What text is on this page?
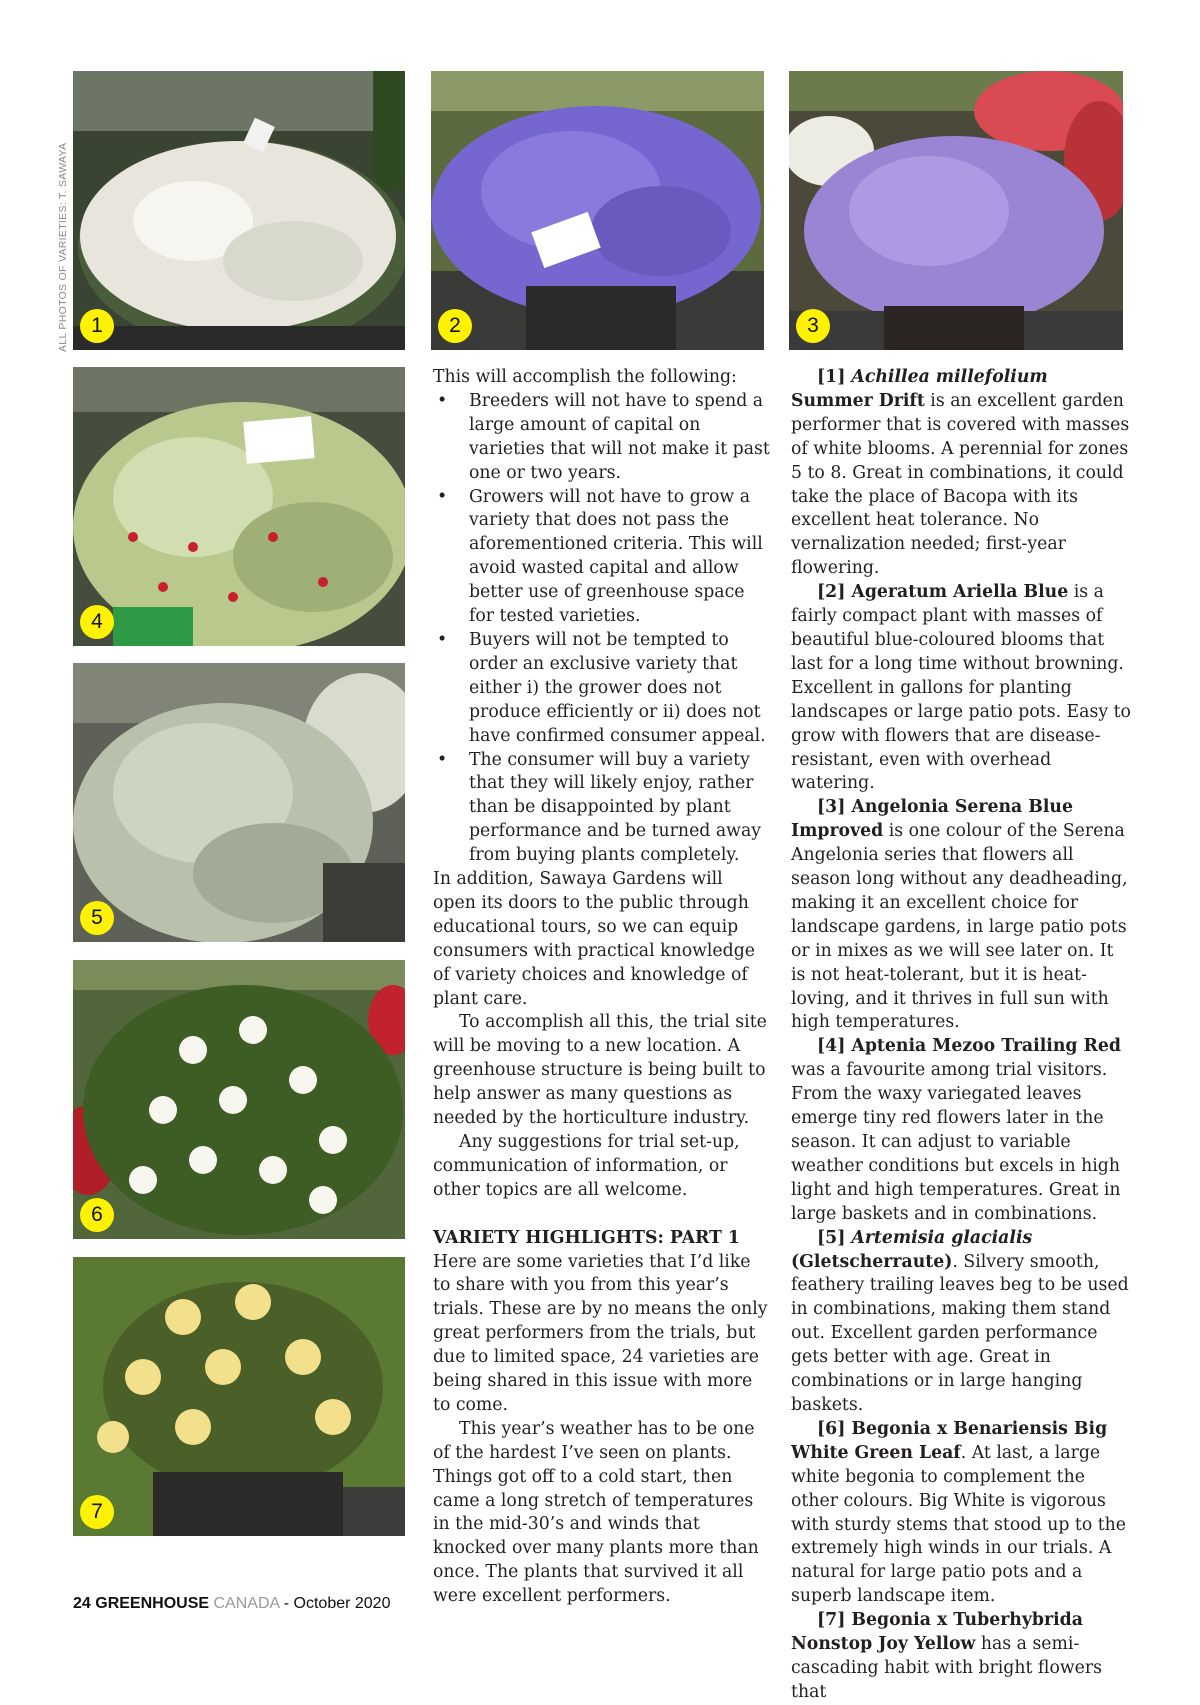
ALL PHOTOS OF VARIETIES: T. SAWAYA	1	2	3
4
5
6
7

This will accomplish the following:

• Breeders will not have to spend a large amount of capital on varieties that will not make it past one or two years.
• Growers will not have to grow a variety that does not pass the aforementioned criteria. This will avoid wasted capital and allow better use of greenhouse space for tested varieties.
• Buyers will not be tempted to order an exclusive variety that either i) the grower does not produce efficiently or ii) does not have confirmed consumer appeal.
• The consumer will buy a variety that they will likely enjoy, rather than be disappointed by plant performance and be turned away from buying plants completely.

In addition, Sawaya Gardens will open its doors to the public through educational tours, so we can equip consumers with practical knowledge of variety choices and knowledge of plant care.

To accomplish all this, the trial site will be moving to a new location. A greenhouse structure is being built to help answer as many questions as needed by the horticulture industry.

Any suggestions for trial set-up, communication of information, or other topics are all welcome.

VARIETY HIGHLIGHTS: PART 1

Here are some varieties that I’d like to share with you from this year’s trials. These are by no means the only great performers from the trials, but due to limited space, 24 varieties are being shared in this issue with more to come.

This year’s weather has to be one of the hardest I’ve seen on plants. Things got off to a cold start, then came a long stretch of temperatures in the mid-30’s and winds that knocked over many plants more than once. The plants that survived it all were excellent performers.

[1] Achillea millefolium Summer Drift is an excellent garden performer that is covered with masses of white blooms. A perennial for zones 5 to 8. Great in combinations, it could take the place of Bacopa with its excellent heat tolerance. No vernalization needed; first-year flowering.

[2] Ageratum Ariella Blue is a fairly compact plant with masses of beautiful blue-coloured blooms that last for a long time without browning. Excellent in gallons for planting landscapes or large patio pots. Easy to grow with flowers that are disease-resistant, even with overhead watering.

[3] Angelonia Serena Blue Improved is one colour of the Serena Angelonia series that flowers all season long without any deadheading, making it an excellent choice for landscape gardens, in large patio pots or in mixes as we will see later on. It is not heat-tolerant, but it is heat-loving, and it thrives in full sun with high temperatures.

[4] Aptenia Mezoo Trailing Red was a favourite among trial visitors. From the waxy variegated leaves emerge tiny red flowers later in the season. It can adjust to variable weather conditions but excels in high light and high temperatures. Great in large baskets and in combinations.

[5] Artemisia glacialis (Gletscherraute). Silvery smooth, feathery trailing leaves beg to be used in combinations, making them stand out. Excellent garden performance gets better with age. Great in combinations or in large hanging baskets.

[6] Begonia x Benariensis Big White Green Leaf. At last, a large white begonia to complement the other colours. Big White is vigorous with sturdy stems that stood up to the extremely high winds in our trials. A natural for large patio pots and a superb landscape item.

[7] Begonia x Tuberhybrida Nonstop Joy Yellow has a semi-cascading habit with bright flowers that

24 GREENHOUSE CANADA - October 2020
